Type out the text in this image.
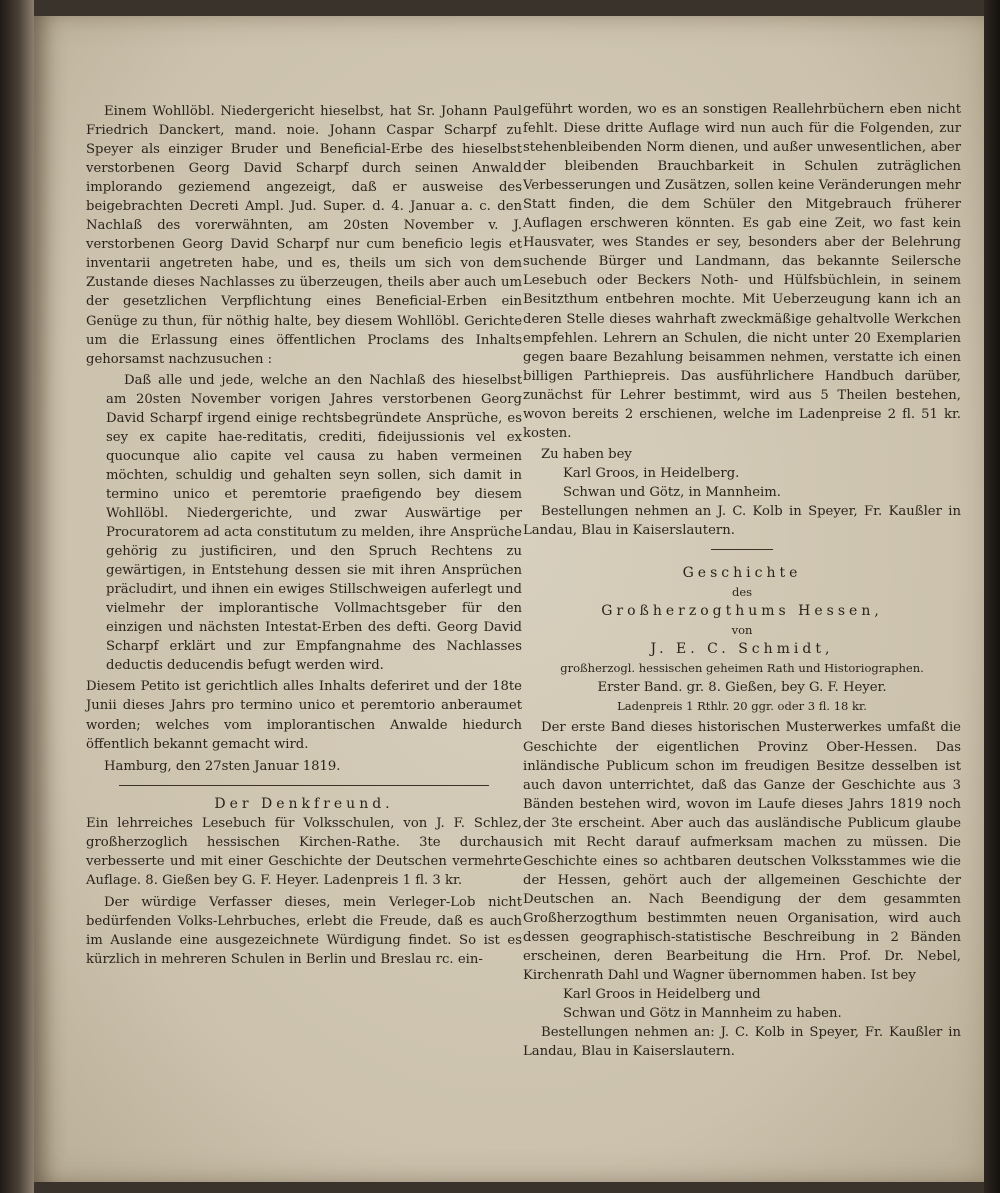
Einem Wohllöbl. Niedergericht hieselbst, hat Sr. Johann Paul Friedrich Danckert, mand. noie. Johann Caspar Scharpf zu Speyer als einziger Bruder und Beneficial-Erbe des hieselbst verstorbenen Georg David Scharpf durch seinen Anwald implorando geziemend angezeigt, daß er ausweise des beigebrachten Decreti Ampl. Jud. Super. d. 4. Januar a. c. den Nachlaß des vorerwähnten, am 20sten November v. J. verstorbenen Georg David Scharpf nur cum beneficio legis et inventarii angetreten habe, und es, theils um sich von dem Zustande dieses Nachlasses zu überzeugen, theils aber auch um der gesetzlichen Verpflichtung eines Beneficial-Erben ein Genüge zu thun, für nöthig halte, bey diesem Wohllöbl. Gerichte um die Erlassung eines öffentlichen Proclams des Inhalts gehorsamst nachzusuchen :

Daß alle und jede, welche an den Nachlaß des hieselbst am 20sten November vorigen Jahres verstorbenen Georg David Scharpf irgend einige rechtsbegründete Ansprüche, es sey ex capite hae-reditatis, crediti, fideijussionis vel ex quocunque alio capite vel causa zu haben vermeinen möchten, schuldig und gehalten seyn sollen, sich damit in termino unico et peremtorie praefigendo bey diesem Wohllöbl. Niedergerichte, und zwar Auswärtige per Procuratorem ad acta constitutum zu melden, ihre Ansprüche gehörig zu justificiren, und den Spruch Rechtens zu gewärtigen, in Entstehung dessen sie mit ihren Ansprüchen präcludirt, und ihnen ein ewiges Stillschweigen auferlegt und vielmehr der implorantische Vollmachtsgeber für den einzigen und nächsten Intestat-Erben des defti. Georg David Scharpf erklärt und zur Empfangnahme des Nachlasses deductis deducendis befugt werden wird.

Diesem Petito ist gerichtlich alles Inhalts deferiret und der 18te Junii dieses Jahrs pro termino unico et peremtorio anberaumet worden; welches vom implorantischen Anwalde hiedurch öffentlich bekannt gemacht wird.

Hamburg, den 27sten Januar 1819.

Der Denkfreund.

Ein lehrreiches Lesebuch für Volksschulen, von J. F. Schlez, großherzoglich hessischen Kirchen-Rathe. 3te durchaus verbesserte und mit einer Geschichte der Deutschen vermehrte Auflage. 8. Gießen bey G. F. Heyer. Ladenpreis 1 fl. 3 kr.

Der würdige Verfasser dieses, mein Verleger-Lob nicht bedürfenden Volks-Lehrbuches, erlebt die Freude, daß es auch im Auslande eine ausgezeichnete Würdigung findet. So ist es kürzlich in mehreren Schulen in Berlin und Breslau rc. ein-

geführt worden, wo es an sonstigen Reallehrbüchern eben nicht fehlt. Diese dritte Auflage wird nun auch für die Folgenden, zur stehenbleibenden Norm dienen, und außer unwesentlichen, aber der bleibenden Brauchbarkeit in Schulen zuträglichen Verbesserungen und Zusätzen, sollen keine Veränderungen mehr Statt finden, die dem Schüler den Mitgebrauch früherer Auflagen erschweren könnten. Es gab eine Zeit, wo fast kein Hausvater, wes Standes er sey, besonders aber der Belehrung suchende Bürger und Landmann, das bekannte Seilersche Lesebuch oder Beckers Noth- und Hülfsbüchlein, in seinem Besitzthum entbehren mochte. Mit Ueberzeugung kann ich an deren Stelle dieses wahrhaft zweckmäßige gehaltvolle Werkchen empfehlen. Lehrern an Schulen, die nicht unter 20 Exemplarien gegen baare Bezahlung beisammen nehmen, verstatte ich einen billigen Parthiepreis. Das ausführlichere Handbuch darüber, zunächst für Lehrer bestimmt, wird aus 5 Theilen bestehen, wovon bereits 2 erschienen, welche im Ladenpreise 2 fl. 51 kr. kosten.

Zu haben bey

Karl Groos, in Heidelberg.

Schwan und Götz, in Mannheim.

Bestellungen nehmen an J. C. Kolb in Speyer, Fr. Kaußler in Landau, Blau in Kaiserslautern.

Geschichte

des

Großherzogthums Hessen,

von

J. E. C. Schmidt,

großherzogl. hessischen geheimen Rath und Historiographen.

Erster Band. gr. 8. Gießen, bey G. F. Heyer.

Ladenpreis 1 Rthlr. 20 ggr. oder 3 fl. 18 kr.

Der erste Band dieses historischen Musterwerkes umfaßt die Geschichte der eigentlichen Provinz Ober-Hessen. Das inländische Publicum schon im freudigen Besitze desselben ist auch davon unterrichtet, daß das Ganze der Geschichte aus 3 Bänden bestehen wird, wovon im Laufe dieses Jahrs 1819 noch der 3te erscheint. Aber auch das ausländische Publicum glaube ich mit Recht darauf aufmerksam machen zu müssen. Die Geschichte eines so achtbaren deutschen Volksstammes wie die der Hessen, gehört auch der allgemeinen Geschichte der Deutschen an. Nach Beendigung der dem gesammten Großherzogthum bestimmten neuen Organisation, wird auch dessen geographisch-statistische Beschreibung in 2 Bänden erscheinen, deren Bearbeitung die Hrn. Prof. Dr. Nebel, Kirchenrath Dahl und Wagner übernommen haben. Ist bey

Karl Groos in Heidelberg und

Schwan und Götz in Mannheim zu haben.

Bestellungen nehmen an: J. C. Kolb in Speyer, Fr. Kaußler in Landau, Blau in Kaiserslautern.
